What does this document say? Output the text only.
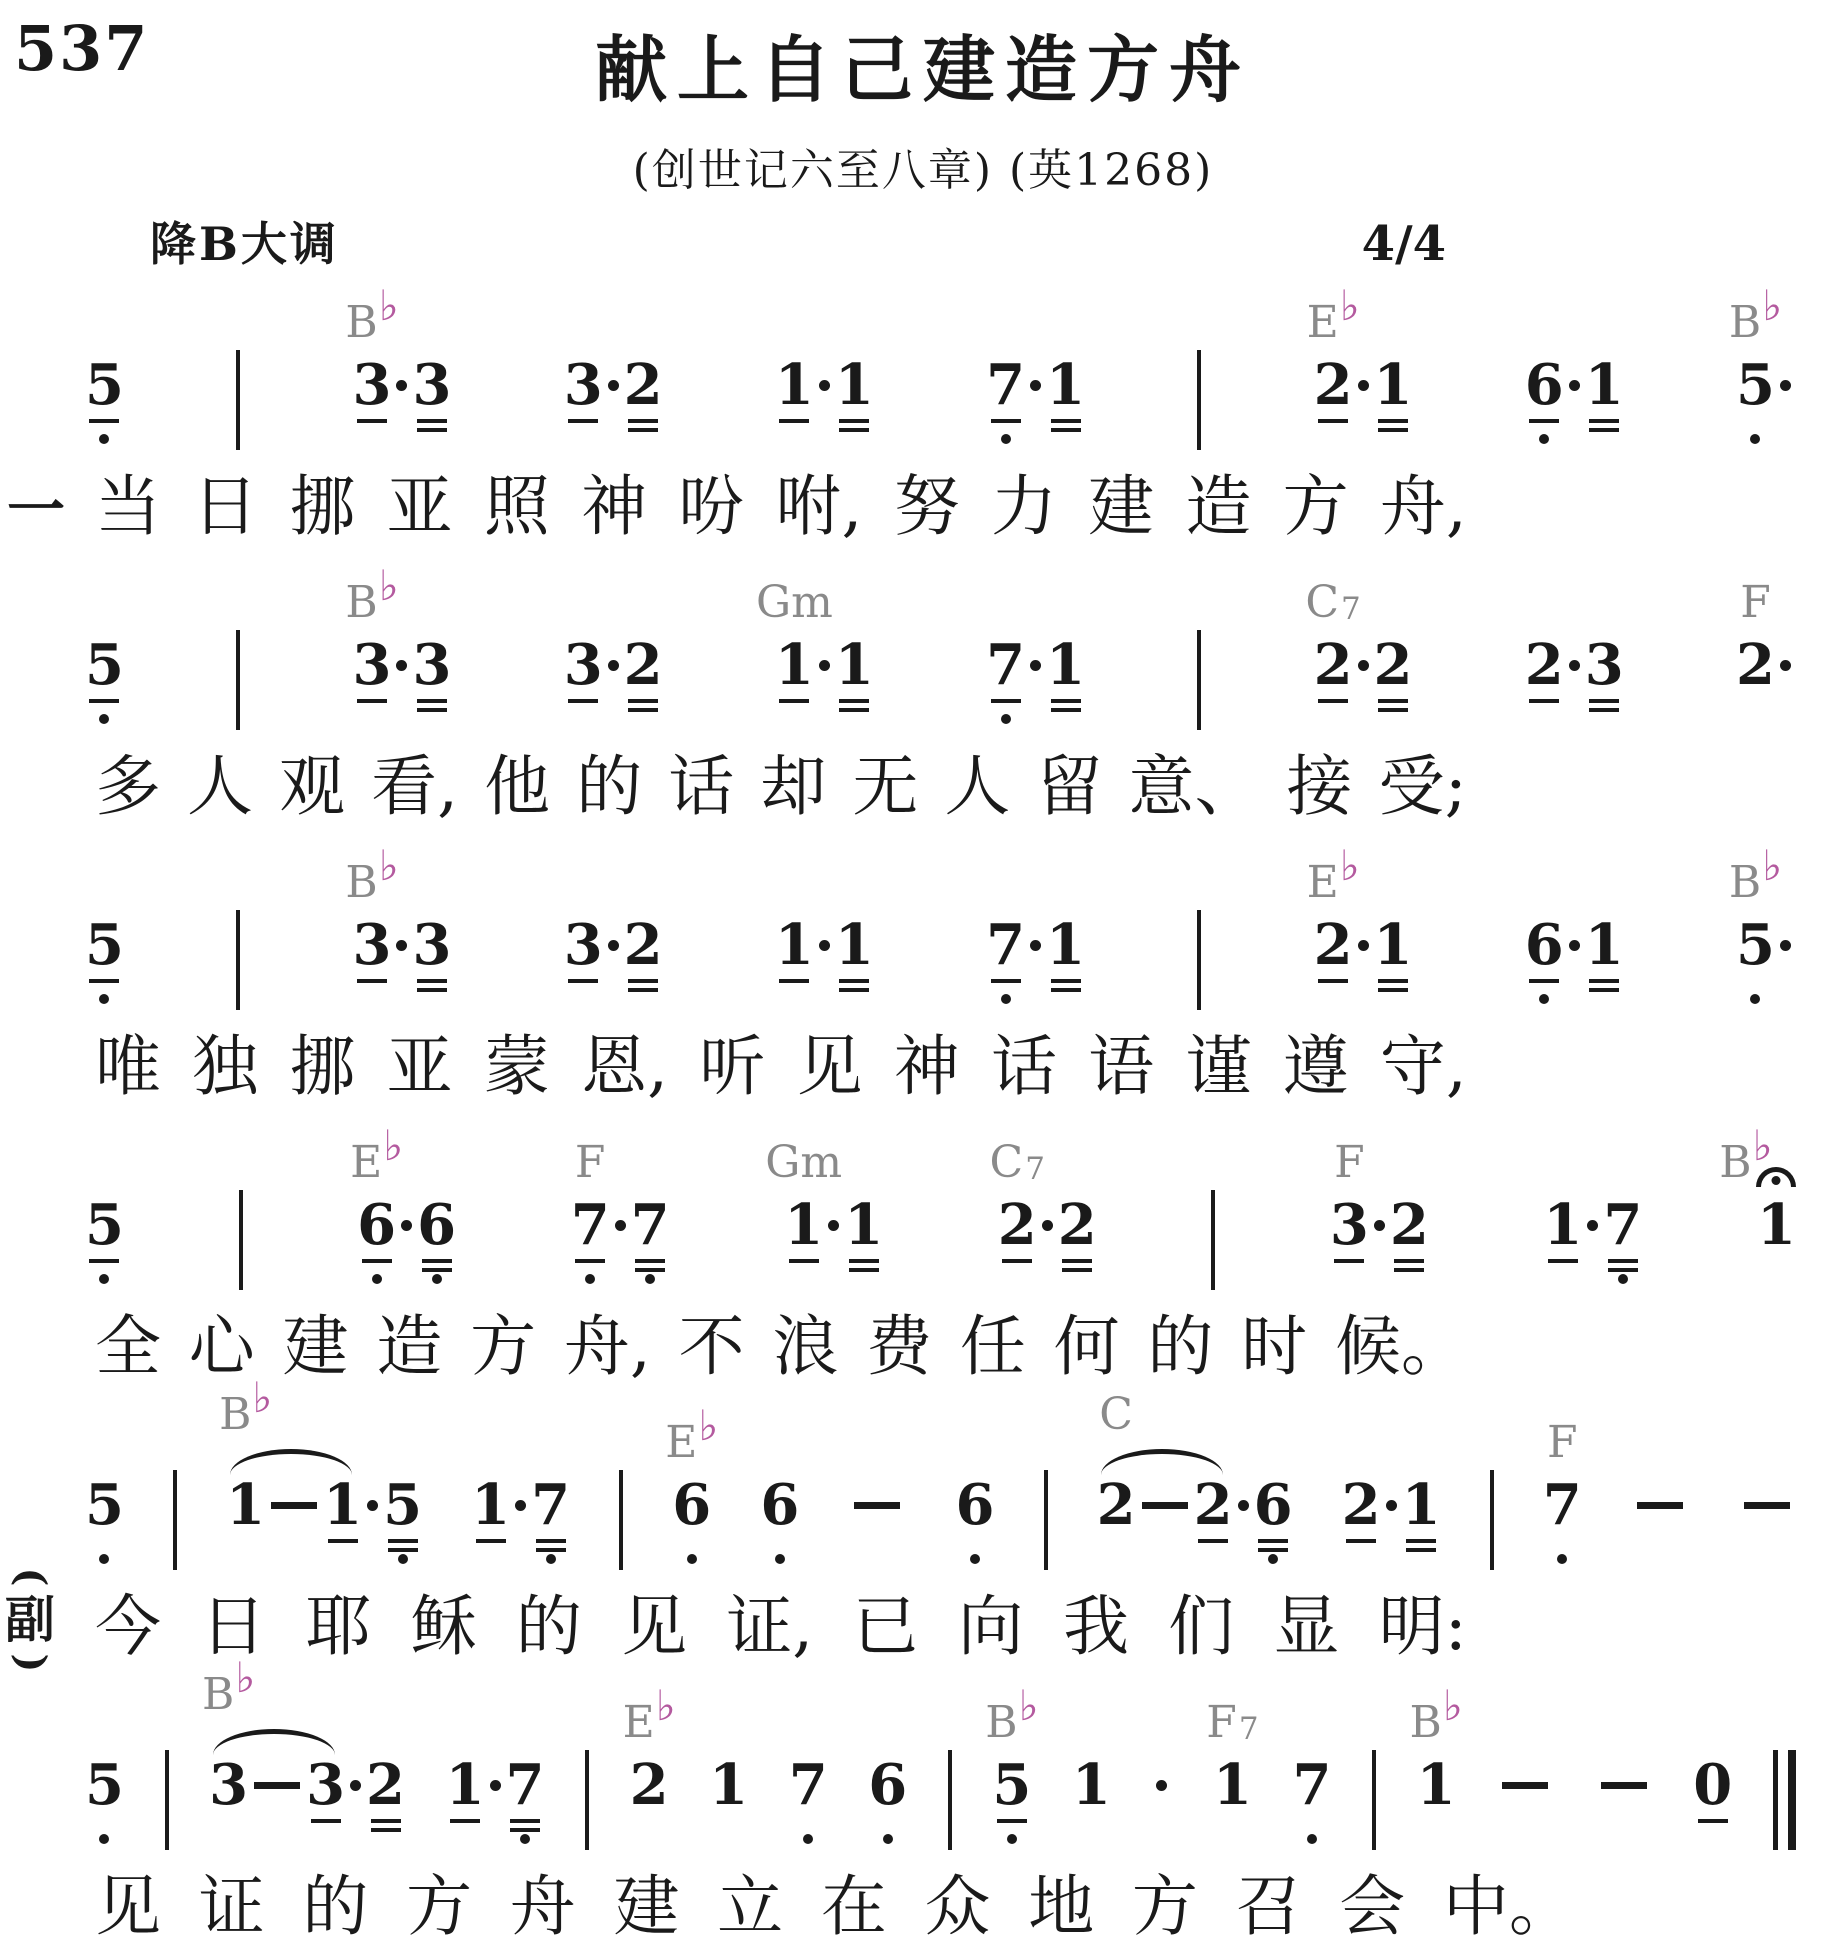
537	献上自己建造方舟
(创世记六至八章) (英1268)
降B大调	4/4
5
B ♭
3 3 3 2 1 1 7 1
E ♭
2 1 6 1
B ♭
5
一 当 日 挪 亚 照 神 吩 咐, 努 力 建 造 方 舟,
5
B ♭
3 3 3 2
Gm
1 1 7 1
C 7
2 2 2 3
F
2
多 人 观 看, 他 的 话 却 无 人 留 意、 接 受;
5
B ♭
3 3 3 2 1 1 7 1
E ♭
2 1 6 1
B ♭
5
唯 独 挪 亚 蒙 恩, 听 见 神 话 语 谨 遵 守,
5
E ♭
6 6
F
7 7
Gm
1 1
C 7
2 2
F
3 2 1 7
B ♭
1
全 心 建 造 方 舟, 不 浪 费 任 何 的 时 候。
5
B ♭
1 1 5 1 7
E ♭
6 6	6
C
2 2 6 2 1
F
7
(
副
) 今 日 耶 稣 的 见 证, 已 向 我 们 显 明:
5
B ♭
3 3 2 1 7
E ♭
2 1 7 6
B ♭
5 1
F 7
1 7
B ♭
1	0
见 证 的 方 舟 建 立 在 众 地 方 召 会 中。
